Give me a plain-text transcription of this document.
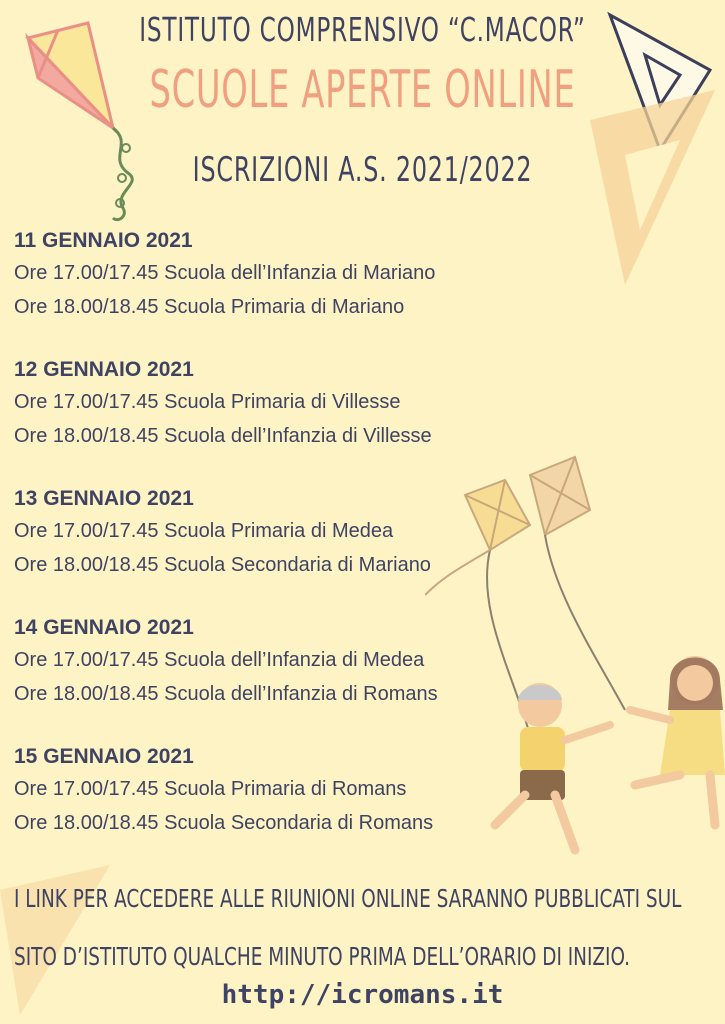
ISTITUTO COMPRENSIVO “C.MACOR”
SCUOLE APERTE ONLINE
ISCRIZIONI A.S. 2021/2022
11 GENNAIO 2021
Ore 17.00/17.45 Scuola dell’Infanzia di Mariano
Ore 18.00/18.45 Scuola Primaria di Mariano
12 GENNAIO 2021
Ore 17.00/17.45 Scuola Primaria di Villesse
Ore 18.00/18.45 Scuola dell’Infanzia di Villesse
13 GENNAIO 2021
Ore 17.00/17.45 Scuola Primaria di Medea
Ore 18.00/18.45 Scuola Secondaria di Mariano
14 GENNAIO 2021
Ore 17.00/17.45 Scuola dell’Infanzia di Medea
Ore 18.00/18.45 Scuola dell’Infanzia di Romans
15 GENNAIO 2021
Ore 17.00/17.45 Scuola Primaria di Romans
Ore 18.00/18.45 Scuola Secondaria di Romans
I LINK PER ACCEDERE ALLE RIUNIONI ONLINE SARANNO PUBBLICATI SUL
SITO D’ISTITUTO QUALCHE MINUTO PRIMA DELL’ORARIO DI INIZIO.
http://icromans.it
